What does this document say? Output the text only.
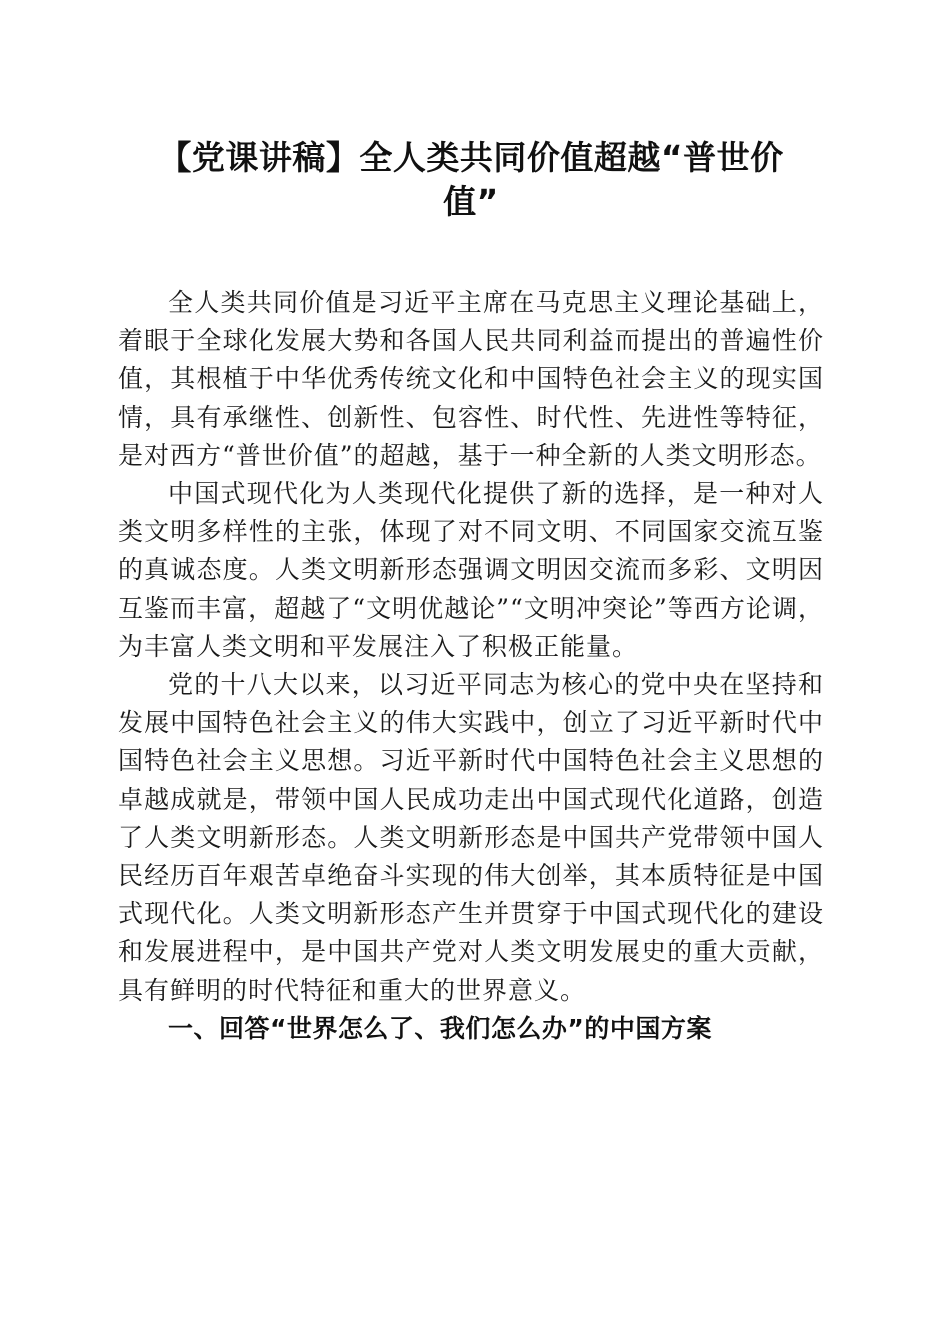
【党课讲稿】全人类共同价值超越“普世价值”

全人类共同价值是习近平主席在马克思主义理论基础上，着眼于全球化发展大势和各国人民共同利益而提出的普遍性价值，其根植于中华优秀传统文化和中国特色社会主义的现实国情，具有承继性、创新性、包容性、时代性、先进性等特征，是对西方“普世价值”的超越，基于一种全新的人类文明形态。

中国式现代化为人类现代化提供了新的选择，是一种对人类文明多样性的主张，体现了对不同文明、不同国家交流互鉴的真诚态度。人类文明新形态强调文明因交流而多彩、文明因互鉴而丰富，超越了“文明优越论”“文明冲突论”等西方论调，为丰富人类文明和平发展注入了积极正能量。

党的十八大以来，以习近平同志为核心的党中央在坚持和发展中国特色社会主义的伟大实践中，创立了习近平新时代中国特色社会主义思想。习近平新时代中国特色社会主义思想的卓越成就是，带领中国人民成功走出中国式现代化道路，创造了人类文明新形态。人类文明新形态是中国共产党带领中国人民经历百年艰苦卓绝奋斗实现的伟大创举，其本质特征是中国式现代化。人类文明新形态产生并贯穿于中国式现代化的建设和发展进程中，是中国共产党对人类文明发展史的重大贡献，具有鲜明的时代特征和重大的世界意义。

一、回答“世界怎么了、我们怎么办”的中国方案
